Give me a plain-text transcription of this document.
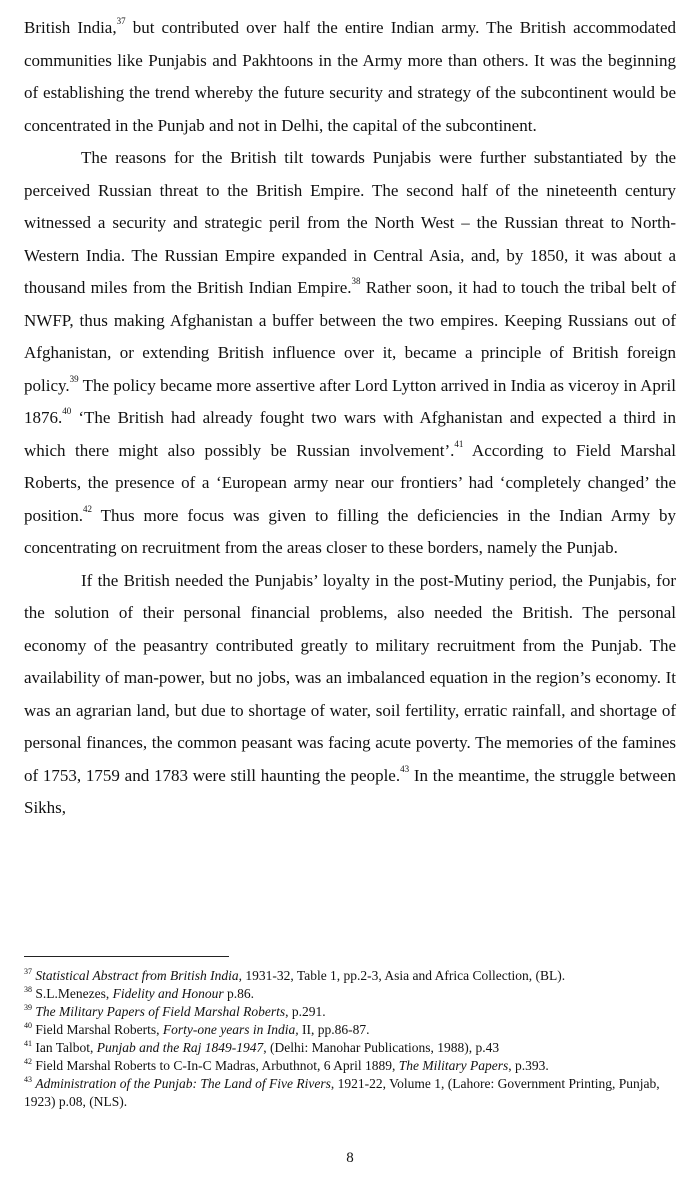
British India,$^{37}$ but contributed over half the entire Indian army. The British accommodated communities like Punjabis and Pakhtoons in the Army more than others. It was the beginning of establishing the trend whereby the future security and strategy of the subcontinent would be concentrated in the Punjab and not in Delhi, the capital of the subcontinent.

The reasons for the British tilt towards Punjabis were further substantiated by the perceived Russian threat to the British Empire. The second half of the nineteenth century witnessed a security and strategic peril from the North West – the Russian threat to North-Western India. The Russian Empire expanded in Central Asia, and, by 1850, it was about a thousand miles from the British Indian Empire.$^{38}$ Rather soon, it had to touch the tribal belt of NWFP, thus making Afghanistan a buffer between the two empires. Keeping Russians out of Afghanistan, or extending British influence over it, became a principle of British foreign policy.$^{39}$ The policy became more assertive after Lord Lytton arrived in India as viceroy in April 1876.40 ‘The British had already fought two wars with Afghanistan and expected a third in which there might also possibly be Russian involvement’.$^{41}$ According to Field Marshal Roberts, the presence of a ‘European army near our frontiers’ had ‘completely changed’ the position.$^{42}$ Thus more focus was given to filling the deficiencies in the Indian Army by concentrating on recruitment from the areas closer to these borders, namely the Punjab.

If the British needed the Punjabis’ loyalty in the post-Mutiny period, the Punjabis, for the solution of their personal financial problems, also needed the British. The personal economy of the peasantry contributed greatly to military recruitment from the Punjab. The availability of man-power, but no jobs, was an imbalanced equation in the region’s economy. It was an agrarian land, but due to shortage of water, soil fertility, erratic rainfall, and shortage of personal finances, the common peasant was facing acute poverty. The memories of the famines of 1753, 1759 and 1783 were still haunting the people.$^{43}$ In the meantime, the struggle between Sikhs,

$^{37}$ Statistical Abstract from British India, 1931-32, Table 1, pp.2-3, Asia and Africa Collection, (BL).

$^{38}$ S.L.Menezes, Fidelity and Honour p.86.

$^{39}$ The Military Papers of Field Marshal Roberts, p.291.

$^{40}$ Field Marshal Roberts, Forty-one years in India, II, pp.86-87.

$^{41}$ Ian Talbot, Punjab and the Raj 1849-1947, (Delhi: Manohar Publications, 1988), p.43

$^{42}$ Field Marshal Roberts to C-In-C Madras, Arbuthnot, 6 April 1889, The Military Papers, p.393.

$^{43}$ Administration of the Punjab: The Land of Five Rivers, 1921-22, Volume 1, (Lahore: Government Printing, Punjab, 1923) p.08, (NLS).

8
